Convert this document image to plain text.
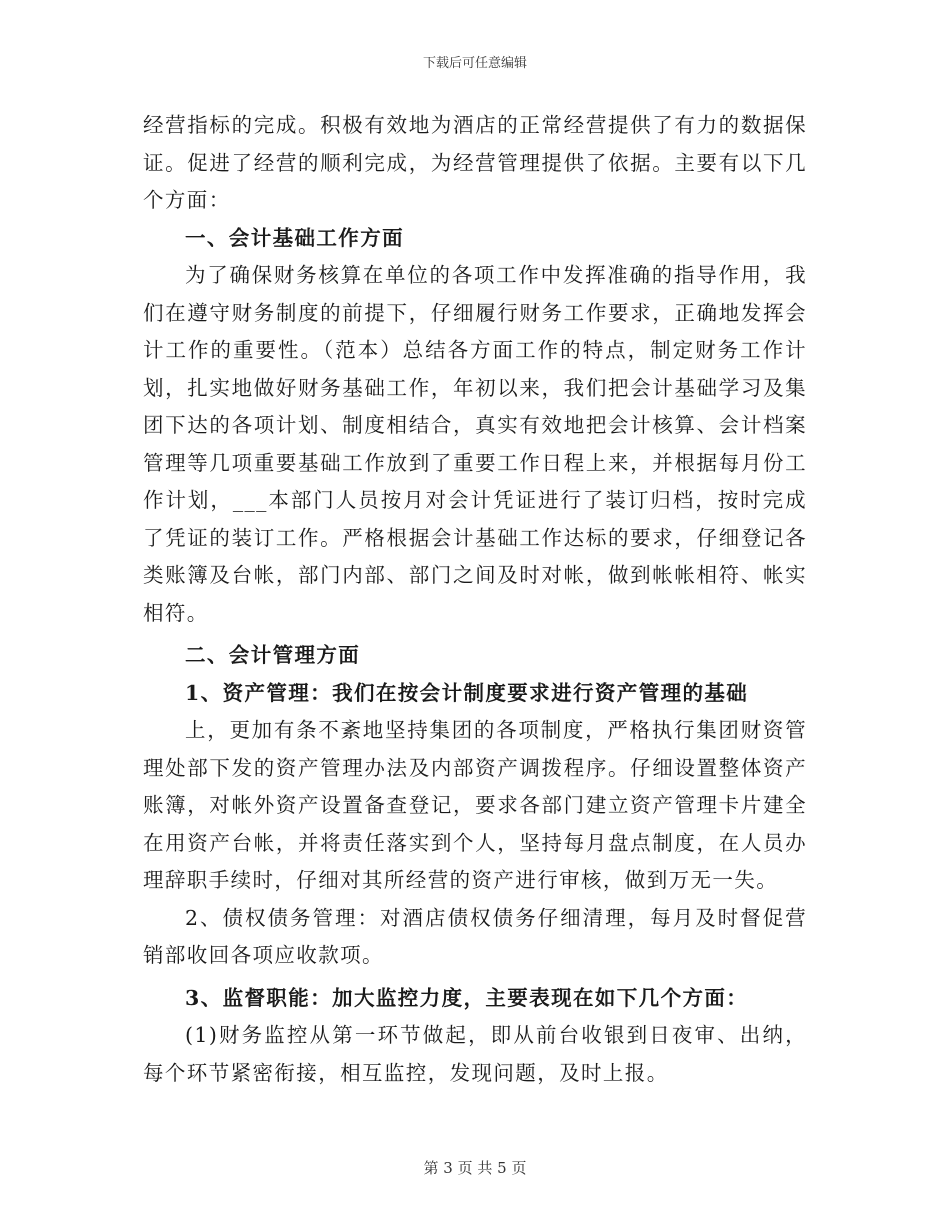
下载后可任意编辑

经营指标的完成。积极有效地为酒店的正常经营提供了有力的数据保证。促进了经营的顺利完成，为经营管理提供了依据。主要有以下几个方面：

一、会计基础工作方面

为了确保财务核算在单位的各项工作中发挥准确的指导作用，我们在遵守财务制度的前提下，仔细履行财务工作要求，正确地发挥会计工作的重要性。（范本）总结各方面工作的特点，制定财务工作计划，扎实地做好财务基础工作，年初以来，我们把会计基础学习及集团下达的各项计划、制度相结合，真实有效地把会计核算、会计档案管理等几项重要基础工作放到了重要工作日程上来，并根据每月份工作计划，___本部门人员按月对会计凭证进行了装订归档，按时完成了凭证的装订工作。严格根据会计基础工作达标的要求，仔细登记各类账簿及台帐，部门内部、部门之间及时对帐，做到帐帐相符、帐实相符。

二、会计管理方面

1、资产管理：我们在按会计制度要求进行资产管理的基础

上，更加有条不紊地坚持集团的各项制度，严格执行集团财资管理处部下发的资产管理办法及内部资产调拨程序。仔细设置整体资产账簿，对帐外资产设置备查登记，要求各部门建立资产管理卡片建全在用资产台帐，并将责任落实到个人，坚持每月盘点制度，在人员办理辞职手续时，仔细对其所经营的资产进行审核，做到万无一失。

2、债权债务管理：对酒店债权债务仔细清理，每月及时督促营销部收回各项应收款项。

3、监督职能：加大监控力度，主要表现在如下几个方面：

(1)财务监控从第一环节做起，即从前台收银到日夜审、出纳，每个环节紧密衔接，相互监控，发现问题，及时上报。

第 3 页 共 5 页
